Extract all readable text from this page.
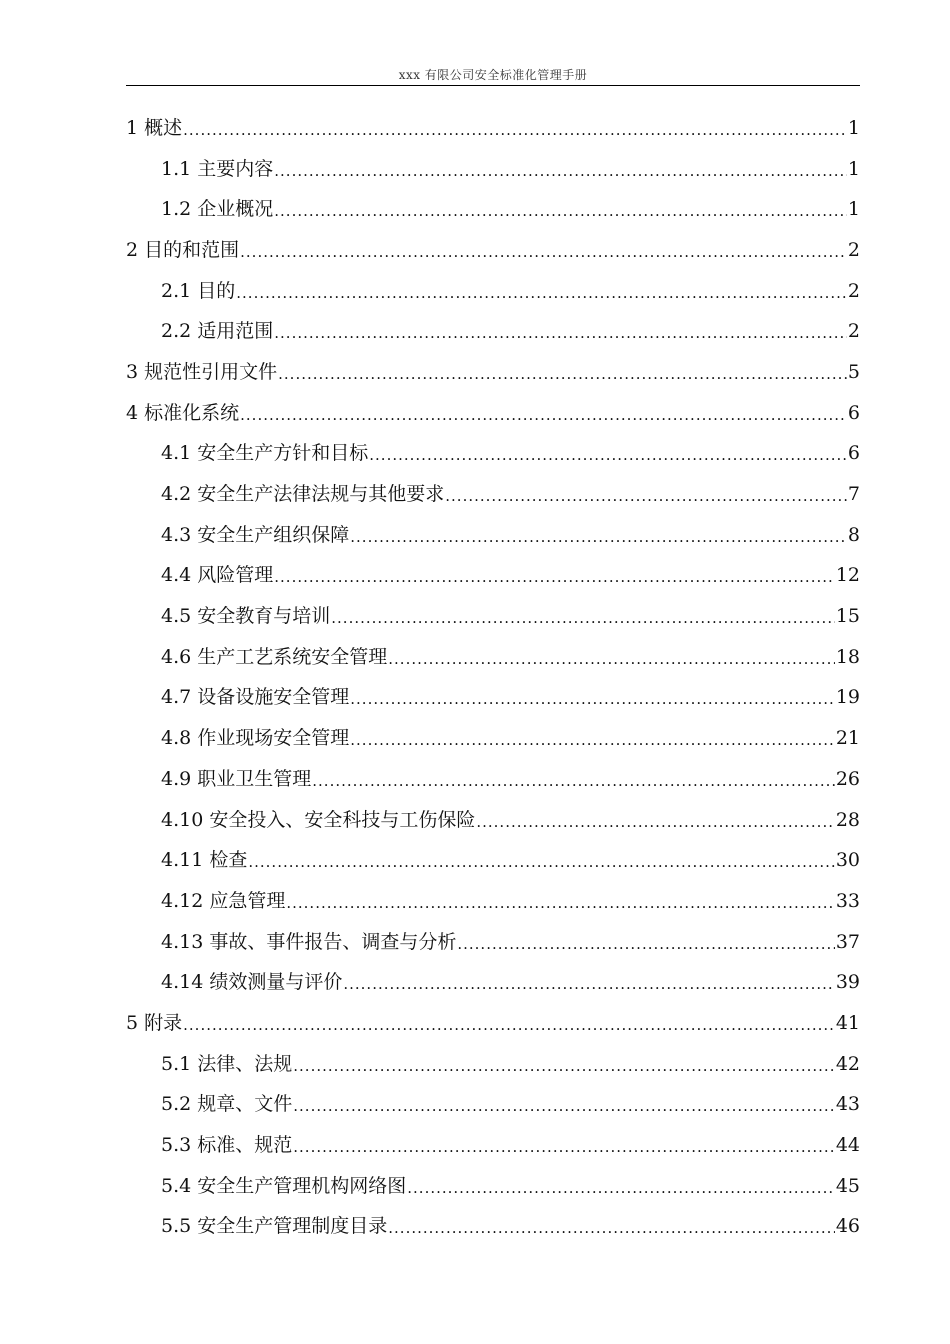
xxx 有限公司安全标准化管理手册
1 概述 .....	1
1.1 主要内容 .....	1
1.2 企业概况 .....	1
2 目的和范围 .....	2
2.1 目的 .....	2
2.2 适用范围 .....	2
3 规范性引用文件 .....	5
4 标准化系统 .....	6
4.1 安全生产方针和目标 .....	6
4.2 安全生产法律法规与其他要求 .....	7
4.3 安全生产组织保障 .....	8
4.4 风险管理 .....	12
4.5 安全教育与培训 .....	15
4.6 生产工艺系统安全管理 .....	18
4.7 设备设施安全管理 .....	19
4.8 作业现场安全管理 .....	21
4.9 职业卫生管理 .....	26
4.10 安全投入、安全科技与工伤保险 .....	28
4.11 检查 .....	30
4.12 应急管理 .....	33
4.13 事故、事件报告、调查与分析 .....	37
4.14 绩效测量与评价 .....	39
5 附录 .....	41
5.1 法律、法规 .....	42
5.2 规章、文件 .....	43
5.3 标准、规范 .....	44
5.4 安全生产管理机构网络图 .....	45
5.5 安全生产管理制度目录 .....	46
